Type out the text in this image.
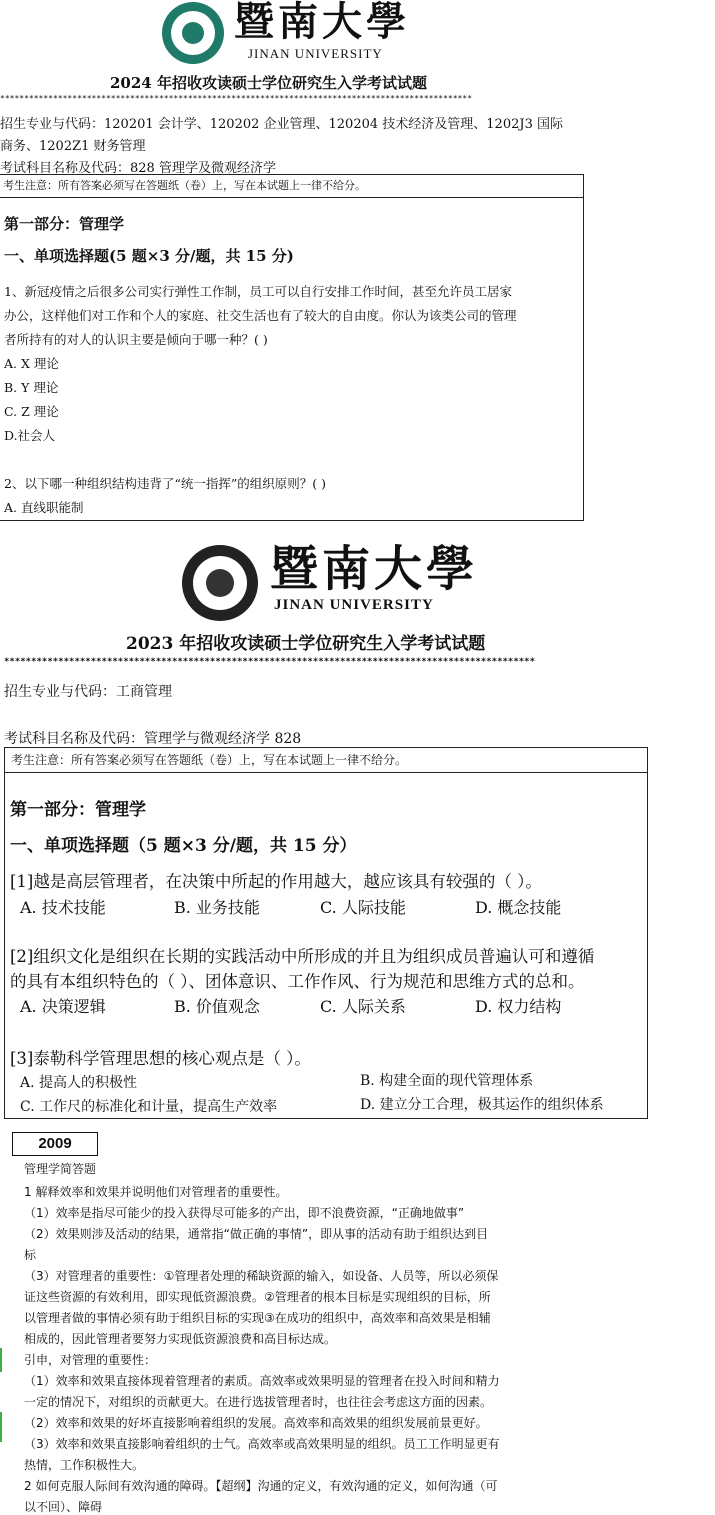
暨南大學
JINAN UNIVERSITY
2024 年招收攻读硕士学位研究生入学考试试题
**************************************************************************************************
招生专业与代码：120201 会计学、120202 企业管理、120204 技术经济及管理、1202J3 国际
商务、1202Z1 财务管理
考试科目名称及代码：828 管理学及微观经济学
考生注意：所有答案必须写在答题纸（卷）上，写在本试题上一律不给分。
第一部分：管理学
一、单项选择题(5 题×3 分/题，共 15 分)
1、新冠疫情之后很多公司实行弹性工作制，员工可以自行安排工作时间，甚至允许员工居家
办公，这样他们对工作和个人的家庭、社交生活也有了较大的自由度。你认为该类公司的管理
者所持有的对人的认识主要是倾向于哪一种？( )
A. X 理论
B. Y 理论
C. Z 理论
D.社会人
2、以下哪一种组织结构违背了“统一指挥”的组织原则？( )
A. 直线职能制
暨南大學
JINAN UNIVERSITY
2023 年招收攻读硕士学位研究生入学考试试题
**************************************************************************************************
招生专业与代码：工商管理
考试科目名称及代码：管理学与微观经济学 828
考生注意：所有答案必须写在答题纸（卷）上，写在本试题上一律不给分。
第一部分：管理学
一、单项选择题（5 题×3 分/题，共 15 分）
[1]越是高层管理者，在决策中所起的作用越大，越应该具有较强的（ ）。
A. 技术技能	B. 业务技能	C. 人际技能	D. 概念技能
[2]组织文化是组织在长期的实践活动中所形成的并且为组织成员普遍认可和遵循
的具有本组织特色的（ ）、团体意识、工作作风、行为规范和思维方式的总和。
A. 决策逻辑	B. 价值观念	C. 人际关系	D. 权力结构
[3]泰勒科学管理思想的核心观点是（ ）。
A. 提高人的积极性	B. 构建全面的现代管理体系
C. 工作尺的标准化和计量，提高生产效率	D. 建立分工合理，极其运作的组织体系
2009
管理学简答题
1 解释效率和效果并说明他们对管理者的重要性。
（1）效率是指尽可能少的投入获得尽可能多的产出，即不浪费资源，“正确地做事”
（2）效果则涉及活动的结果，通常指“做正确的事情”，即从事的活动有助于组织达到目
标
（3）对管理者的重要性：①管理者处理的稀缺资源的输入，如设备、人员等，所以必须保
证这些资源的有效利用，即实现低资源浪费。②管理者的根本目标是实现组织的目标，所
以管理者做的事情必须有助于组织目标的实现③在成功的组织中，高效率和高效果是相辅
相成的，因此管理者要努力实现低资源浪费和高目标达成。
引申，对管理的重要性：
（1）效率和效果直接体现着管理者的素质。高效率或效果明显的管理者在投入时间和精力
一定的情况下，对组织的贡献更大。在进行选拔管理者时，也往往会考虑这方面的因素。
（2）效率和效果的好坏直接影响着组织的发展。高效率和高效果的组织发展前景更好。
（3）效率和效果直接影响着组织的士气。高效率或高效果明显的组织。员工工作明显更有
热情，工作积极性大。
2 如何克服人际间有效沟通的障碍。【超纲】沟通的定义，有效沟通的定义，如何沟通（可
以不回）、障碍
